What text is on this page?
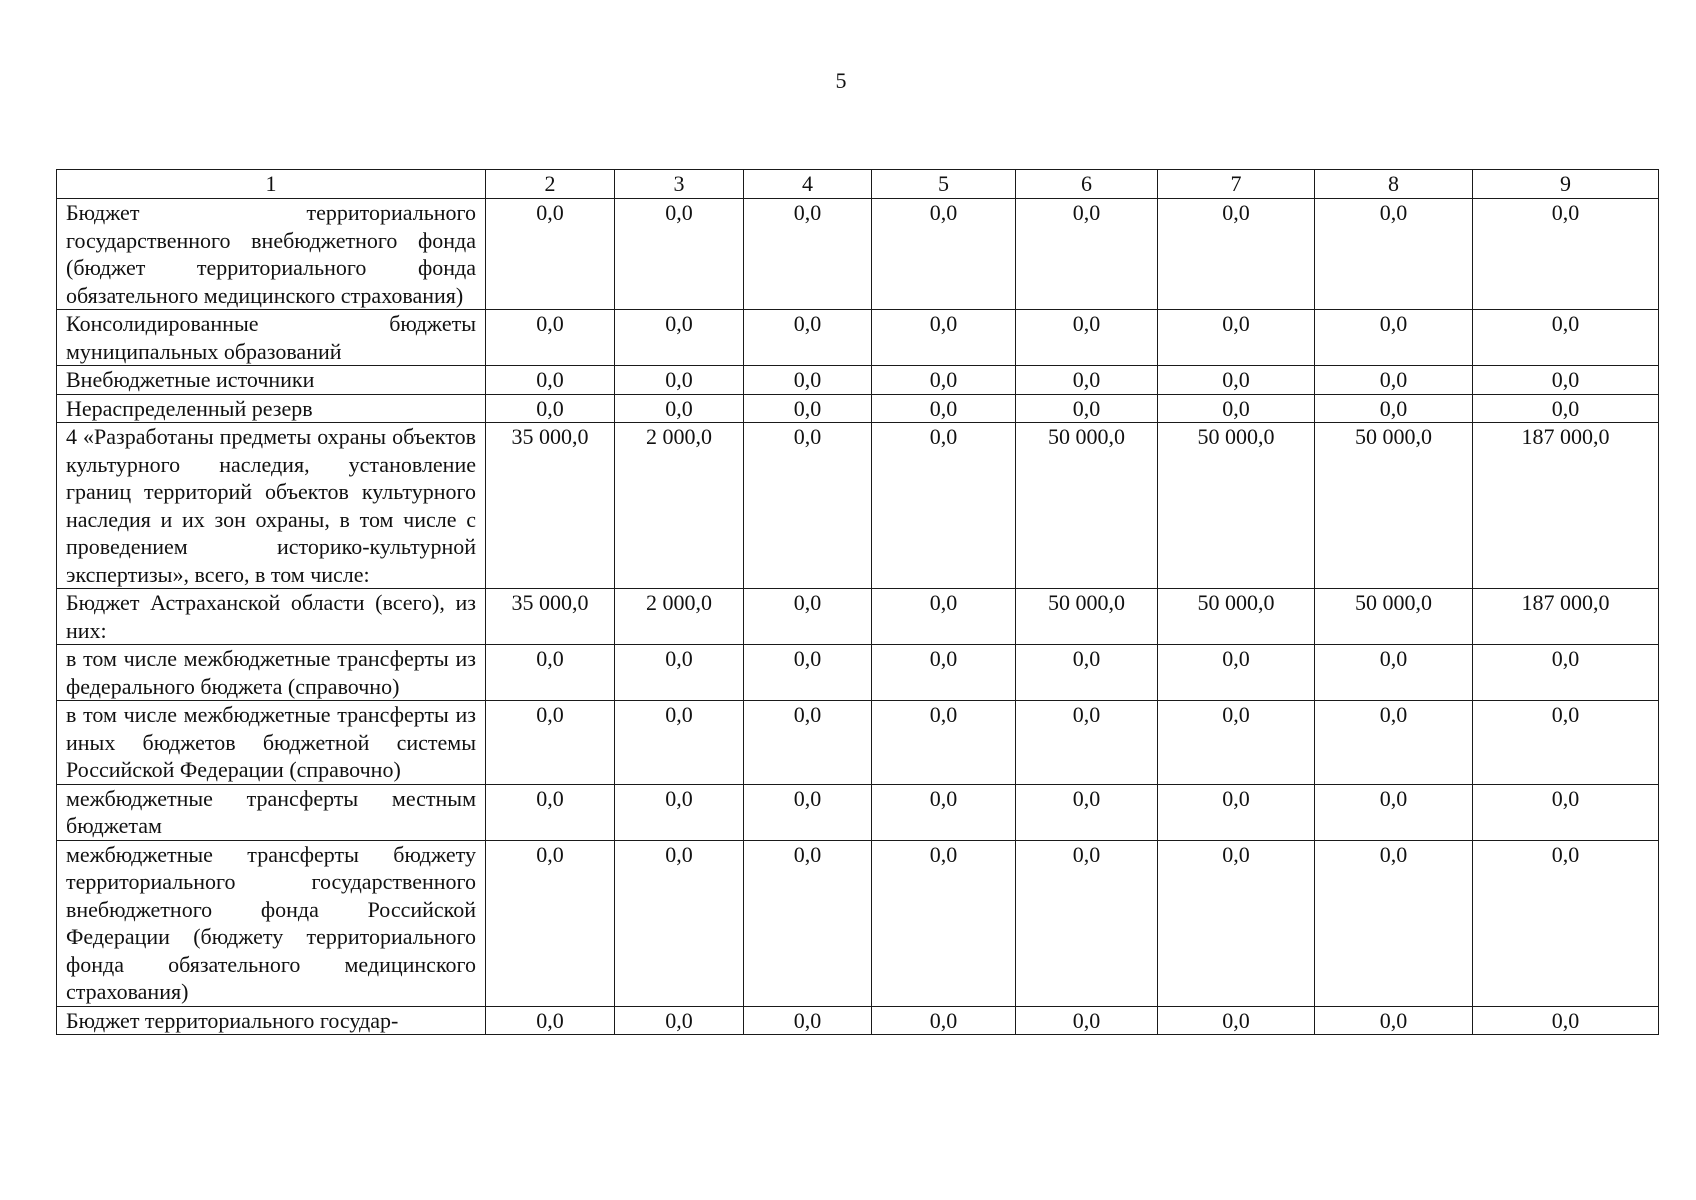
5
1	2	3	4	5	6	7	8	9
Бюджет территориального государственного внебюджетного фонда (бюджет территориального фонда обязательного медицинского страхования)	0,0	0,0	0,0	0,0	0,0	0,0	0,0	0,0
Консолидированные бюджеты муниципальных образований	0,0	0,0	0,0	0,0	0,0	0,0	0,0	0,0
Внебюджетные источники	0,0	0,0	0,0	0,0	0,0	0,0	0,0	0,0
Нераспределенный резерв	0,0	0,0	0,0	0,0	0,0	0,0	0,0	0,0
4 «Разработаны предметы охраны объектов культурного наследия, установление границ территорий объектов культурного наследия и их зон охраны, в том числе с проведением историко-культурной экспертизы», всего, в том числе:	35 000,0	2 000,0	0,0	0,0	50 000,0	50 000,0	50 000,0	187 000,0
Бюджет Астраханской области (всего), из них:	35 000,0	2 000,0	0,0	0,0	50 000,0	50 000,0	50 000,0	187 000,0
в том числе межбюджетные трансферты из федерального бюджета (справочно)	0,0	0,0	0,0	0,0	0,0	0,0	0,0	0,0
в том числе межбюджетные трансферты из иных бюджетов бюджетной системы Российской Федерации (справочно)	0,0	0,0	0,0	0,0	0,0	0,0	0,0	0,0
межбюджетные трансферты местным бюджетам	0,0	0,0	0,0	0,0	0,0	0,0	0,0	0,0
межбюджетные трансферты бюджету территориального государственного внебюджетного фонда Российской Федерации (бюджету территориального фонда обязательного медицинского страхования)	0,0	0,0	0,0	0,0	0,0	0,0	0,0	0,0
Бюджет территориального государ-	0,0	0,0	0,0	0,0	0,0	0,0	0,0	0,0
